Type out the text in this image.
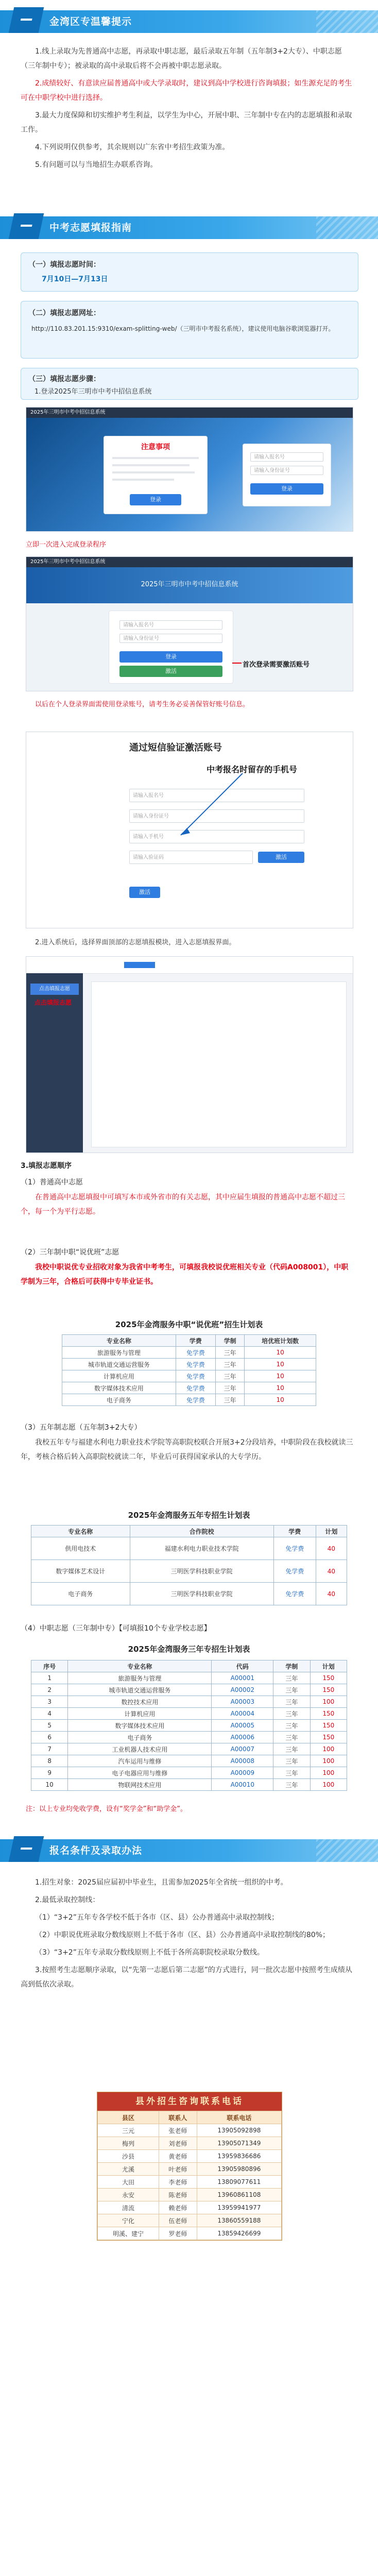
金湾区专温馨提示

1.线上录取为先普通高中志愿，再录取中职志愿，最后录取五年制（五年制3+2大专）、中职志愿（三年制中专）；被录取的高中录取后将不会再被中职志愿录取。

2.成绩较好、有意读应届普通高中或大学录取时，建议到高中学校进行咨询填报；如生源充足的考生可在中职学校中进行选择。

3.最大力度保障和切实维护考生利益，以学生为中心，开展中职、三年制中专在内的志愿填报和录取工作。

4.下列说明仅供参考，其余规则以广东省中考招生政策为准。

5.有问题可以与当地招生办联系咨询。

中考志愿填报指南
（一）填报志愿时间：
7月10日—7月13日
（二）填报志愿网址：
http://110.83.201.15:9310/exam-splitting-web/（三明市中考报名系统），建议使用电脑谷歌浏览器打开。
（三）填报志愿步骤：
1.登录2025年三明市中考中招信息系统
2025年三明市中考中招信息系统
注意事项
登录
请输入报名号
请输入身份证号
登录
立即一次进入完成登录程序
2025年三明市中考中招信息系统
2025年三明市中考中招信息系统
请输入报名号
请输入身份证号
登录
激活
首次登录需要激活账号

以后在个人登录界面需使用登录账号，请考生务必妥善保管好账号信息。

通过短信验证激活账号
中考报名时留存的手机号
请输入报名号
请输入身份证号
请输入手机号
请输入验证码	激活
激活

2.进入系统后，选择界面顶部的志愿填报模块，进入志愿填报界面。

点击填报志愿
点击填报志愿
3.填报志愿顺序
（1）普通高中志愿

在普通高中志愿填报中可填写本市或外省市的有关志愿，其中应届生填报的普通高中志愿不超过三个，每一个为平行志愿。

（2）三年制中职“说优班”志愿

我校中职说优专业招收对象为我省中考考生，可填报我校说优班相关专业（代码A008001），中职学制为三年，合格后可获得中专毕业证书。

2025年金湾服务中职“说优班”招生计划表
专业名称	学费	学制	培优班计划数
旅游服务与管理	免学费	三年	10
城市轨道交通运营服务	免学费	三年	10
计算机应用	免学费	三年	10
数字媒体技术应用	免学费	三年	10
电子商务	免学费	三年	10
（3）五年制志愿（五年制3+2大专）

我校五年专与福建水利电力职业技术学院等高职院校联合开展3+2分段培养，中职阶段在我校就读三年，考核合格后转入高职院校就读二年，毕业后可获得国家承认的大专学历。

2025年金湾服务五年专招生计划表
专业名称	合作院校	学费	计划
供用电技术	福建水利电力职业技术学院	免学费	40
数字媒体艺术设计	三明医学科技职业学院	免学费	40
电子商务	三明医学科技职业学院	免学费	40
（4）中职志愿（三年制中专）【可填报10个专业学校志愿】
2025年金湾服务三年专招生计划表
序号	专业名称	代码	学制	计划
1	旅游服务与管理	A00001	三年	150
2	城市轨道交通运营服务	A00002	三年	150
3	数控技术应用	A00003	三年	100
4	计算机应用	A00004	三年	150
5	数字媒体技术应用	A00005	三年	150
6	电子商务	A00006	三年	150
7	工业机器人技术应用	A00007	三年	100
8	汽车运用与维修	A00008	三年	100
9	电子电器应用与维修	A00009	三年	100
10	物联网技术应用	A00010	三年	100
注：以上专业均免收学费，设有“奖学金”和“助学金”。
报名条件及录取办法

1.招生对象：2025届应届初中毕业生，且需参加2025年全省统一组织的中考。

2.最低录取控制线：

（1）“3+2”五年专各学校不低于各市（区、县）公办普通高中录取控制线；

（2）中职说优班录取分数线原则上不低于各市（区、县）公办普通高中录取控制线的80%；

（3）“3+2”五年专录取分数线原则上不低于各所高职院校录取分数线。

3.按照考生志愿顺序录取，以“先第一志愿后第二志愿”的方式进行，同一批次志愿中按照考生成绩从高到低依次录取。

县外招生咨询联系电话
县区	联系人	联系电话
三元	张老师	13905092898
梅列	刘老师	13905071349
沙县	黄老师	13959836686
尤溪	叶老师	13905980896
大田	李老师	13809077611
永安	陈老师	13960861108
清流	赖老师	13959941977
宁化	伍老师	13860559188
明溪、建宁	罗老师	13859426699
